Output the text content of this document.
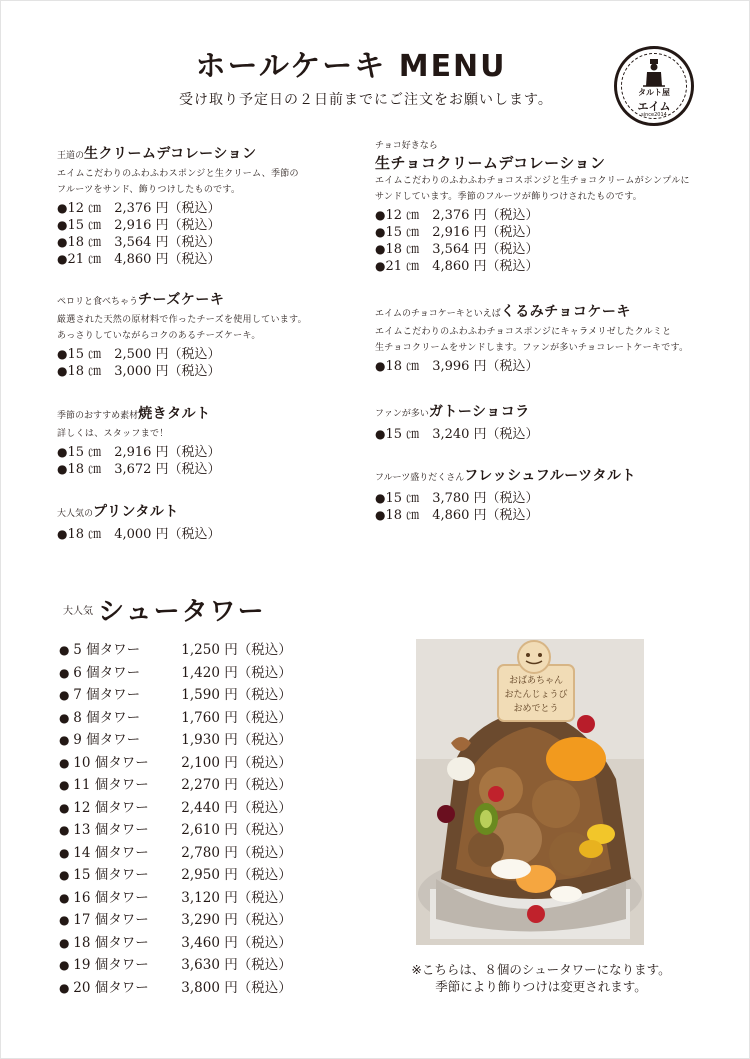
ホールケーキ MENU

受け取り予定日の２日前までにご注文をお願いします。	タルト屋
エイム
since2014
王道の生クリームデコレーション
エイムこだわりのふわふわスポンジと生クリーム、季節の
フルーツをサンド、飾りつけしたものです。
●12 ㎝　 2,376 円（税込）
●15 ㎝　 2,916 円（税込）
●18 ㎝　 3,564 円（税込）
●21 ㎝　 4,860 円（税込）
ペロリと食べちゃうチーズケーキ
厳選された天然の原材料で作ったチーズを使用しています。
あっさりしていながらコクのあるチーズケーキ。
●15 ㎝　 2,500 円（税込）
●18 ㎝　 3,000 円（税込）
季節のおすすめ素材焼きタルト
詳しくは、スタッフまで！
●15 ㎝　 2,916 円（税込）
●18 ㎝　 3,672 円（税込）
大人気のプリンタルト
●18 ㎝　 4,000 円（税込）
チョコ好きなら
生チョコクリームデコレーション
エイムこだわりのふわふわチョコスポンジと生チョコクリームがシンプルに
サンドしています。季節のフルーツが飾りつけされたものです。
●12 ㎝　 2,376 円（税込）
●15 ㎝　 2,916 円（税込）
●18 ㎝　 3,564 円（税込）
●21 ㎝　 4,860 円（税込）
エイムのチョコケーキといえばくるみチョコケーキ
エイムこだわりのふわふわチョコスポンジにキャラメリゼしたクルミと
生チョコクリームをサンドします。ファンが多いチョコレートケーキです。
●18 ㎝　 3,996 円（税込）
ファンが多いガトーショコラ
●15 ㎝　 3,240 円（税込）
フルーツ盛りだくさんフレッシュフルーツタルト
●15 ㎝　 3,780 円（税込）
●18 ㎝　 4,860 円（税込）
大人気 シュータワー
● 5 個タワー	1,250 円（税込）
● 6 個タワー	1,420 円（税込）
● 7 個タワー	1,590 円（税込）
● 8 個タワー	1,760 円（税込）
● 9 個タワー	1,930 円（税込）
● 10 個タワー 2,100 円（税込）
● 11 個タワー 2,270 円（税込）
● 12 個タワー 2,440 円（税込）
● 13 個タワー 2,610 円（税込）
● 14 個タワー 2,780 円（税込）
● 15 個タワー 2,950 円（税込）
● 16 個タワー 3,120 円（税込）
● 17 個タワー 3,290 円（税込）
● 18 個タワー 3,460 円（税込）
● 19 個タワー 3,630 円（税込）
● 20 個タワー 3,800 円（税込）
おばあちゃん
おたんじょうび
おめでとう
※こちらは、８個のシュータワーになります。
季節により飾りつけは変更されます。
